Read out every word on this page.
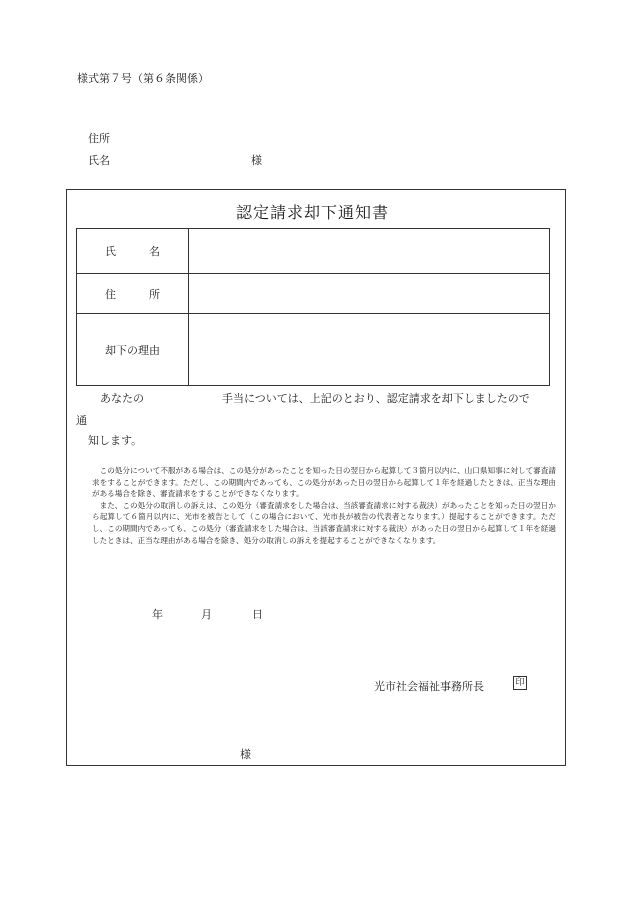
様式第７号（第６条関係）
住所
氏名	様
認定請求却下通知書
氏　　　名	
住　　　所	
却下の理由	
あなたの	手当については、上記のとおり、認定請求を却下しましたので
通
知します。

この処分について不服がある場合は、この処分があったことを知った日の翌日から起算して３箇月以内に、山口県知事に対して審査請求をすることができます。ただし、この期間内であっても、この処分があった日の翌日から起算して１年を経過したときは、正当な理由がある場合を除き、審査請求をすることができなくなります。

また、この処分の取消しの訴えは、この処分（審査請求をした場合は、当該審査請求に対する裁決）があったことを知った日の翌日から起算して６箇月以内に、光市を被告として（この場合において、光市長が被告の代表者となります。）提起することができます。ただし、この期間内であっても、この処分（審査請求をした場合は、当該審査請求に対する裁決）があった日の翌日から起算して１年を経過したときは、正当な理由がある場合を除き、処分の取消しの訴えを提起することができなくなります。

年	月	日
光市社会福祉事務所長	印
様
